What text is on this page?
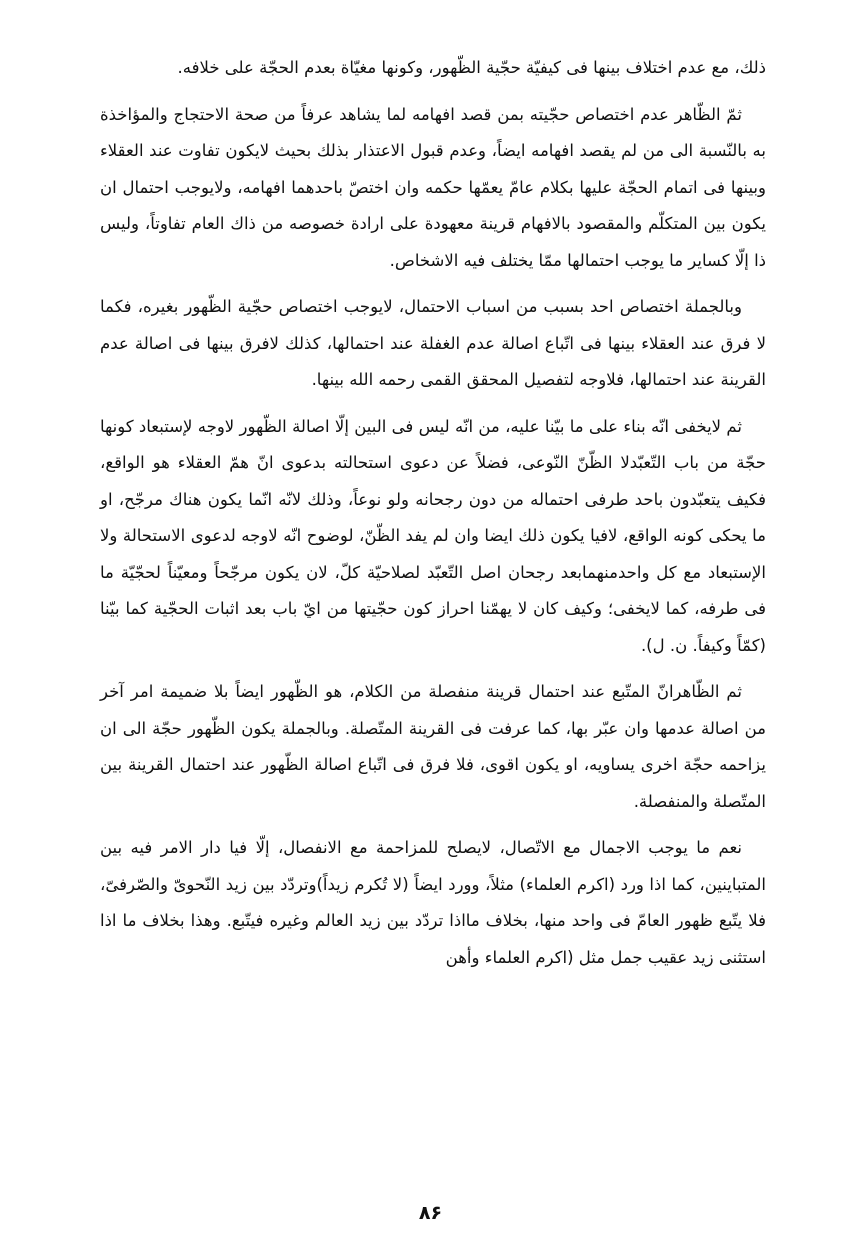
ذلك، مع عدم اختلاف بينها فى كيفيّة حجّية الظّهور، وكونها مغيّاة بعدم الحجّة على خلافه.

ثمّ الظّاهر عدم اختصاص حجّيته بمن قصد افهامه لما يشاهد عرفاً من صحة الاحتجاج والمؤاخذة به بالنّسبة الى من لم يقصد افهامه ايضاً، وعدم قبول الاعتذار بذلك بحيث لايكون تفاوت عند العقلاء وبينها فى اتمام الحجّة عليها بكلام عامّ يعمّها حكمه وان اختصّ باحدهما افهامه، ولايوجب احتمال ان يكون بين المتكلّم والمقصود بالافهام قرينة معهودة على ارادة خصوصه من ذاك العام تفاوتاً، وليس ذا إلّا كساير ما يوجب احتمالها ممّا يختلف فيه الاشخاص.

وبالجملة اختصاص احد بسبب من اسباب الاحتمال، لايوجب اختصاص حجّية الظّهور بغيره، فكما لا فرق عند العقلاء بينها فى اتّباع اصالة عدم الغفلة عند احتمالها، كذلك لافرق بينها فى اصالة عدم القرينة عند احتمالها، فلاوجه لتفصيل المحقق القمى رحمه الله بينها.

ثم لايخفى انّه بناء على ما بيّنا عليه، من انّه ليس فى البين إلّا اصالة الظّهور لاوجه لإستبعاد كونها حجّة من باب التّعبّدلا الظّنّ النّوعى، فضلاً عن دعوى استحالته بدعوى انّ همّ العقلاء هو الواقع، فكيف يتعبّدون باحد طرفى احتماله من دون رجحانه ولو نوعاً، وذلك لانّه انّما يكون هناك مرجّح، او ما يحكى كونه الواقع، لافيا يكون ذلك ايضا وان لم يفد الظّنّ، لوضوح انّه لاوجه لدعوى الاستحالة ولا الإستبعاد مع كل واحدمنهمابعد رجحان اصل التّعبّد لصلاحيّة كلّ، لان يكون مرجّحاً ومعيّناً لحجّيّة ما فى طرفه، كما لايخفى؛ وكيف كان لا يهمّنا احراز كون حجّيتها من ايّ باب بعد اثبات الحجّية كما بيّنا (كمّاً وكيفاً. ن. ل).

ثم الظّاهرانّ المتّبع عند احتمال قرينة منفصلة من الكلام، هو الظّهور ايضاً بلا ضميمة امر آخر من اصالة عدمها وان عبّر بها، كما عرفت فى القرينة المتّصلة. وبالجملة يكون الظّهور حجّة الى ان يزاحمه حجّة اخرى يساويه، او يكون اقوى، فلا فرق فى اتّباع اصالة الظّهور عند احتمال القرينة بين المتّصلة والمنفصلة.

نعم ما يوجب الاجمال مع الاتّصال، لايصلح للمزاحمة مع الانفصال، إلّا فيا دار الامر فيه بين المتباينين، كما اذا ورد (اكرم العلماء) مثلاً، وورد ايضاً (لا تُكرم زيداً)وتردّد بين زيد النّحوىّ والصّرفىّ، فلا يتّبع ظهور العامّ فى واحد منها، بخلاف مااذا تردّد بين زيد العالم وغيره فيتّبع. وهذا بخلاف ما اذا استثنى زيد عقيب جمل مثل (اكرم العلماء وأهن

٨۶
